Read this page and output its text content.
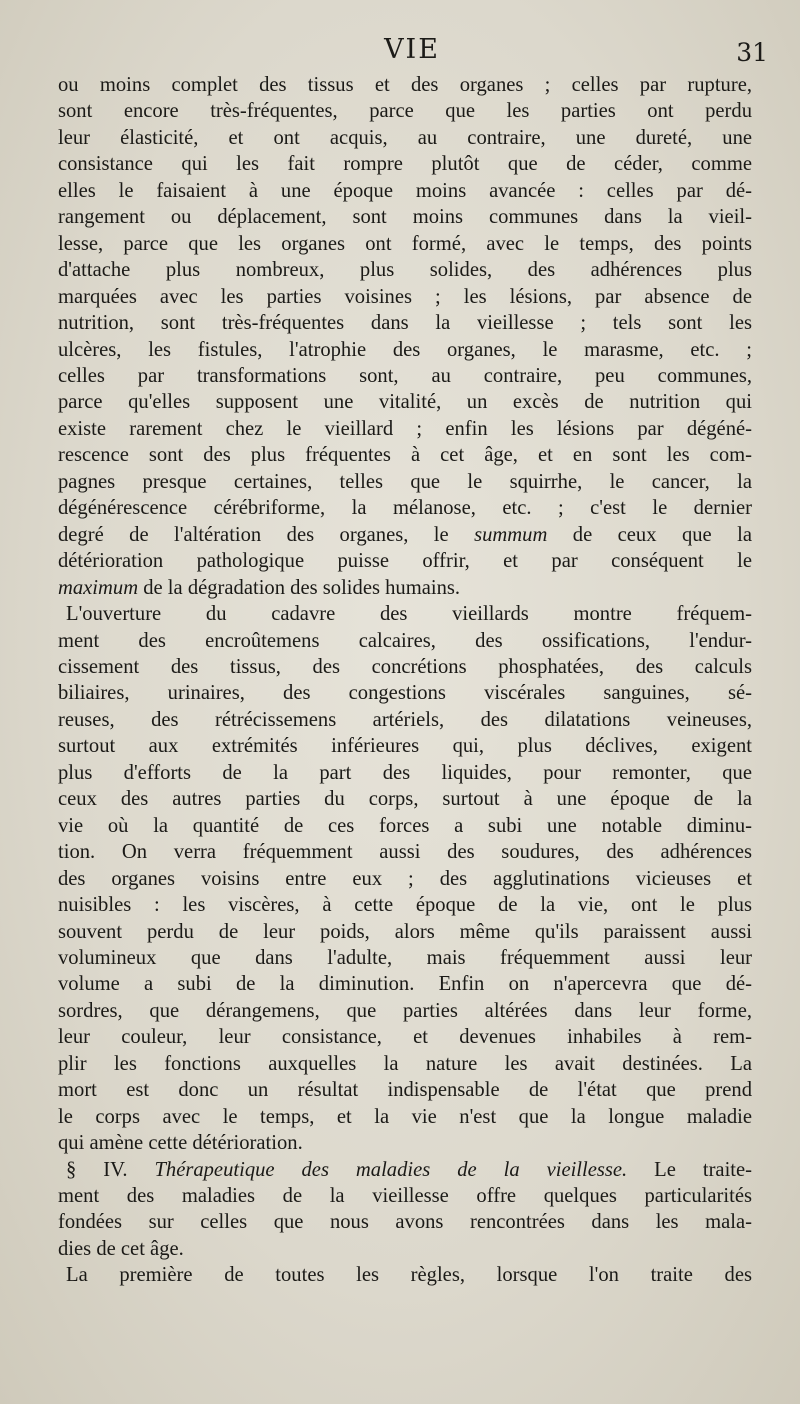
VIE	31

ou moins complet des tissus et des organes ; celles par rupture,
sont encore très-fréquentes, parce que les parties ont perdu
leur élasticité, et ont acquis, au contraire, une dureté, une
consistance qui les fait rompre plutôt que de céder, comme
elles le faisaient à une époque moins avancée : celles par dé-
rangement ou déplacement, sont moins communes dans la vieil-
lesse, parce que les organes ont formé, avec le temps, des points
d'attache plus nombreux, plus solides, des adhérences plus
marquées avec les parties voisines ; les lésions, par absence de
nutrition, sont très-fréquentes dans la vieillesse ; tels sont les
ulcères, les fistules, l'atrophie des organes, le marasme, etc. ;
celles par transformations sont, au contraire, peu communes,
parce qu'elles supposent une vitalité, un excès de nutrition qui
existe rarement chez le vieillard ; enfin les lésions par dégéné-
rescence sont des plus fréquentes à cet âge, et en sont les com-
pagnes presque certaines, telles que le squirrhe, le cancer, la
dégénérescence cérébriforme, la mélanose, etc. ; c'est le dernier
degré de l'altération des organes, le summum de ceux que la
détérioration pathologique puisse offrir, et par conséquent le
maximum de la dégradation des solides humains.

L'ouverture du cadavre des vieillards montre fréquem-
ment des encroûtemens calcaires, des ossifications, l'endur-
cissement des tissus, des concrétions phosphatées, des calculs
biliaires, urinaires, des congestions viscérales sanguines, sé-
reuses, des rétrécissemens artériels, des dilatations veineuses,
surtout aux extrémités inférieures qui, plus déclives, exigent
plus d'efforts de la part des liquides, pour remonter, que
ceux des autres parties du corps, surtout à une époque de la
vie où la quantité de ces forces a subi une notable diminu-
tion. On verra fréquemment aussi des soudures, des adhérences
des organes voisins entre eux ; des agglutinations vicieuses et
nuisibles : les viscères, à cette époque de la vie, ont le plus
souvent perdu de leur poids, alors même qu'ils paraissent aussi
volumineux que dans l'adulte, mais fréquemment aussi leur
volume a subi de la diminution. Enfin on n'apercevra que dé-
sordres, que dérangemens, que parties altérées dans leur forme,
leur couleur, leur consistance, et devenues inhabiles à rem-
plir les fonctions auxquelles la nature les avait destinées. La
mort est donc un résultat indispensable de l'état que prend
le corps avec le temps, et la vie n'est que la longue maladie
qui amène cette détérioration.

§ IV. Thérapeutique des maladies de la vieillesse. Le traite-
ment des maladies de la vieillesse offre quelques particularités
fondées sur celles que nous avons rencontrées dans les mala-
dies de cet âge.

La première de toutes les règles, lorsque l'on traite des
